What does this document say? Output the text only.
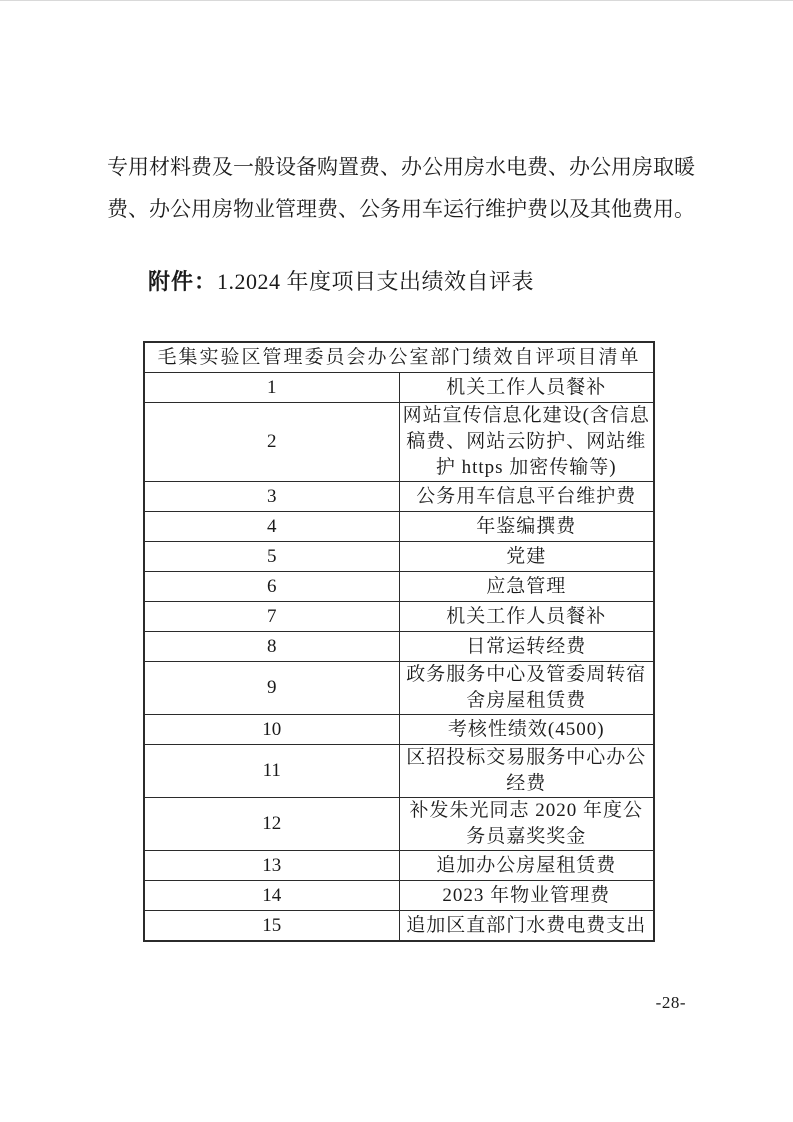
专用材料费及一般设备购置费、办公用房水电费、办公用房取暖
费、办公用房物业管理费、公务用车运行维护费以及其他费用。
附件：1.2024 年度项目支出绩效自评表
毛集实验区管理委员会办公室部门绩效自评项目清单	
1	机关工作人员餐补
2	网站宣传信息化建设(含信息稿费、网站云防护、网站维护 https 加密传输等)
3	公务用车信息平台维护费
4	年鉴编撰费
5	党建
6	应急管理
7	机关工作人员餐补
8	日常运转经费
9	政务服务中心及管委周转宿舍房屋租赁费
10	考核性绩效(4500)
11	区招投标交易服务中心办公经费
12	补发朱光同志 2020 年度公务员嘉奖奖金
13	追加办公房屋租赁费
14	2023 年物业管理费
15	追加区直部门水费电费支出
-28-
